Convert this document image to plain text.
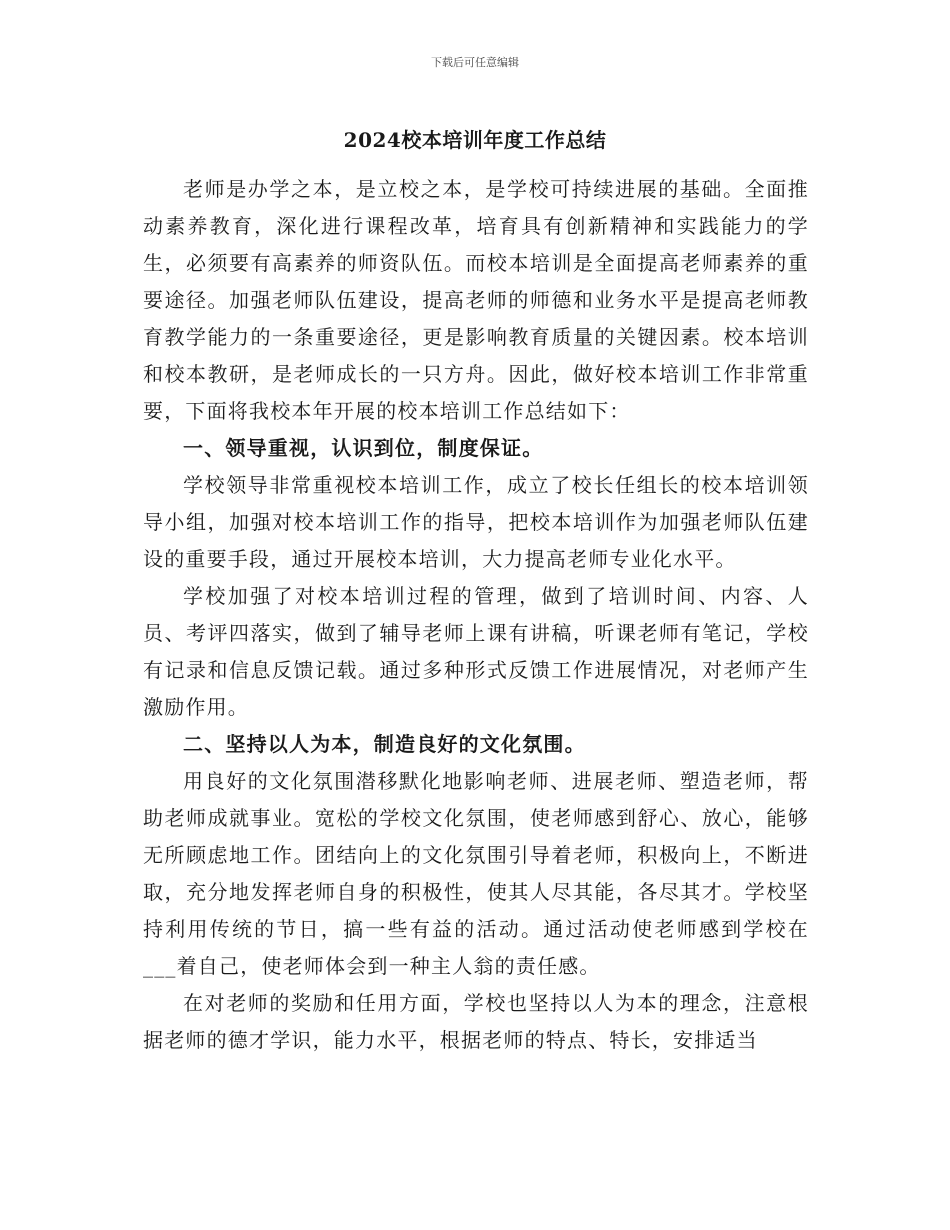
下载后可任意编辑
2024校本培训年度工作总结

老师是办学之本，是立校之本，是学校可持续进展的基础。全面推动素养教育，深化进行课程改革，培育具有创新精神和实践能力的学生，必须要有高素养的师资队伍。而校本培训是全面提高老师素养的重要途径。加强老师队伍建设，提高老师的师德和业务水平是提高老师教育教学能力的一条重要途径，更是影响教育质量的关键因素。校本培训和校本教研，是老师成长的一只方舟。因此，做好校本培训工作非常重要，下面将我校本年开展的校本培训工作总结如下：

一、领导重视，认识到位，制度保证。

学校领导非常重视校本培训工作，成立了校长任组长的校本培训领导小组，加强对校本培训工作的指导，把校本培训作为加强老师队伍建设的重要手段，通过开展校本培训，大力提高老师专业化水平。

学校加强了对校本培训过程的管理，做到了培训时间、内容、人员、考评四落实，做到了辅导老师上课有讲稿，听课老师有笔记，学校有记录和信息反馈记载。通过多种形式反馈工作进展情况，对老师产生激励作用。

二、坚持以人为本，制造良好的文化氛围。

用良好的文化氛围潜移默化地影响老师、进展老师、塑造老师，帮助老师成就事业。宽松的学校文化氛围，使老师感到舒心、放心，能够无所顾虑地工作。团结向上的文化氛围引导着老师，积极向上，不断进取，充分地发挥老师自身的积极性，使其人尽其能，各尽其才。学校坚持利用传统的节日，搞一些有益的活动。通过活动使老师感到学校在___着自己，使老师体会到一种主人翁的责任感。

在对老师的奖励和任用方面，学校也坚持以人为本的理念，注意根据老师的德才学识，能力水平，根据老师的特点、特长，安排适当
